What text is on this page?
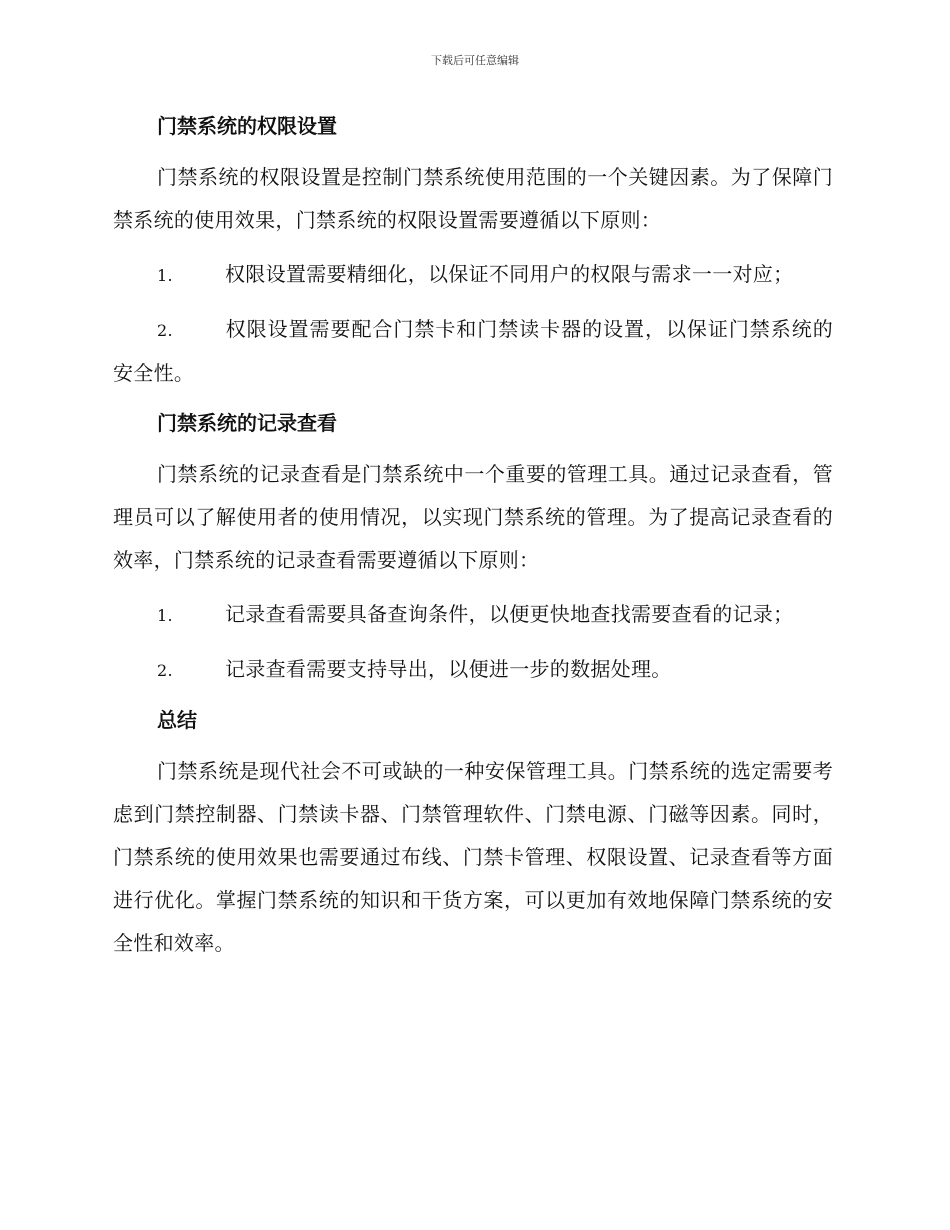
下载后可任意编辑
门禁系统的权限设置

门禁系统的权限设置是控制门禁系统使用范围的一个关键因素。为了保障门禁系统的使用效果，门禁系统的权限设置需要遵循以下原则：

1.	权限设置需要精细化，以保证不同用户的权限与需求一一对应；

2.	权限设置需要配合门禁卡和门禁读卡器的设置，以保证门禁系统的安全性。

门禁系统的记录查看

门禁系统的记录查看是门禁系统中一个重要的管理工具。通过记录查看，管理员可以了解使用者的使用情况，以实现门禁系统的管理。为了提高记录查看的效率，门禁系统的记录查看需要遵循以下原则：

1.	记录查看需要具备查询条件，以便更快地查找需要查看的记录；

2.	记录查看需要支持导出，以便进一步的数据处理。

总结

门禁系统是现代社会不可或缺的一种安保管理工具。门禁系统的选定需要考虑到门禁控制器、门禁读卡器、门禁管理软件、门禁电源、门磁等因素。同时，门禁系统的使用效果也需要通过布线、门禁卡管理、权限设置、记录查看等方面进行优化。掌握门禁系统的知识和干货方案，可以更加有效地保障门禁系统的安全性和效率。
